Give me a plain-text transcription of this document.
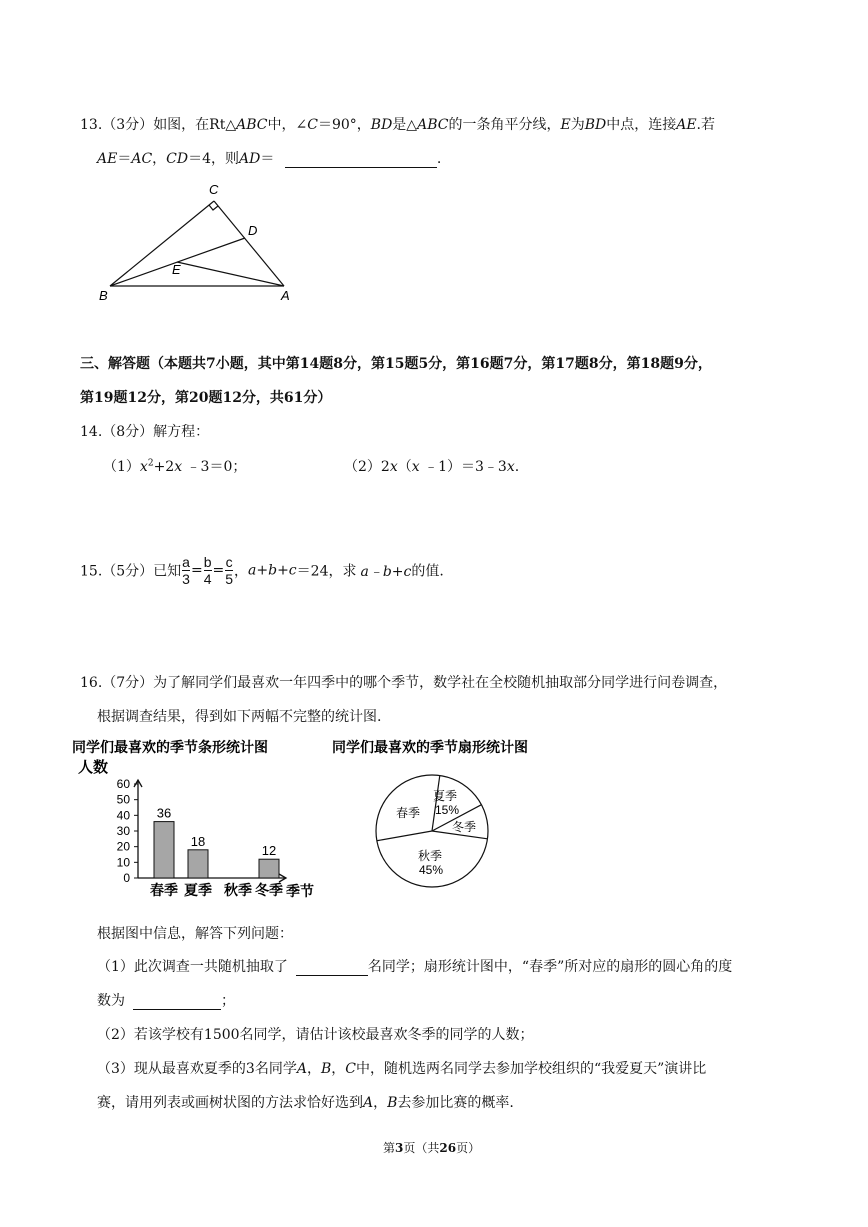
13.（3分）如图，在Rt△ABC中，∠C＝90°，BD是△ABC的一条角平分线，E为BD中点，连接AE.若
AE＝AC，CD＝4，则AD＝	.
C
D
E
B	A
三、解答题（本题共7小题，其中第14题8分，第15题5分，第16题7分，第17题8分，第18题9分，
第19题12分，第20题12分，共61分）
14.（8分）解方程：
$(1)x^2+2x$ ﹣3＝0；	（2）2x（x ﹣1）＝3﹣3x.
15.（5分）已知 $\frac{a}{3} = \frac{b}{4} = \frac{c}{5}$ ，a+b+c＝24，求 a﹣b+c的值.
16.（7分）为了解同学们最喜欢一年四季中的哪个季节，数学社在全校随机抽取部分同学进行问卷调查，
根据调查结果，得到如下两幅不完整的统计图.
同学们最喜欢的季节条形统计图
人数
季节
0
10
20
30
40
50
60
36
18
12
春季 夏季 秋季 冬季
同学们最喜欢的季节扇形统计图
春季
夏季
15%
冬季
秋季
45%
根据图中信息，解答下列问题：
（1）此次调查一共随机抽取了	名同学；扇形统计图中，“春季”所对应的扇形的圆心角的度
数为	；
（2）若该学校有1500名同学，请估计该校最喜欢冬季的同学的人数；
（3）现从最喜欢夏季的3名同学A，B，C中，随机选两名同学去参加学校组织的“我爱夏天”演讲比
赛，请用列表或画树状图的方法求恰好选到A，B去参加比赛的概率.
第3页（共26页）
